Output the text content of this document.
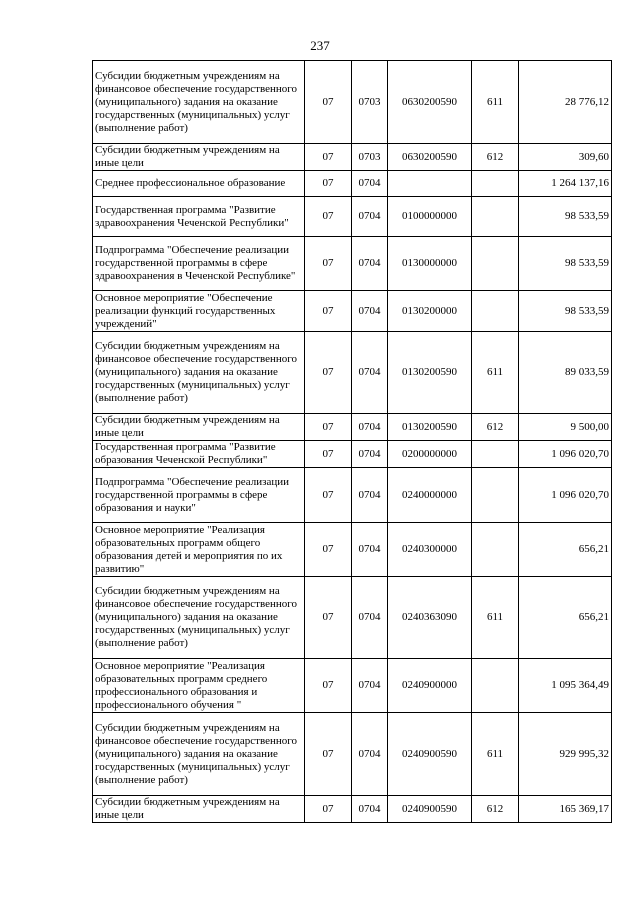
237
Субсидии бюджетным учреждениям на финансовое обеспечение государственного (муниципального) задания на оказание государственных (муниципальных) услуг (выполнение работ)	07	0703	0630200590	611	28 776,12
Субсидии бюджетным учреждениям на иные цели	07	0703	0630200590	612	309,60
Среднее профессиональное образование	07	0704			1 264 137,16
Государственная программа "Развитие здравоохранения Чеченской Республики"	07	0704	0100000000		98 533,59
Подпрограмма "Обеспечение реализации государственной программы в сфере здравоохранения в Чеченской Республике"	07	0704	0130000000		98 533,59
Основное мероприятие "Обеспечение реализации функций государственных учреждений"	07	0704	0130200000		98 533,59
Субсидии бюджетным учреждениям на финансовое обеспечение государственного (муниципального) задания на оказание государственных (муниципальных) услуг (выполнение работ)	07	0704	0130200590	611	89 033,59
Субсидии бюджетным учреждениям на иные цели	07	0704	0130200590	612	9 500,00
Государственная программа "Развитие образования Чеченской Республики"	07	0704	0200000000		1 096 020,70
Подпрограмма "Обеспечение реализации государственной программы в сфере образования и науки"	07	0704	0240000000		1 096 020,70
Основное мероприятие "Реализация образовательных программ общего образования детей и мероприятия по их развитию"	07	0704	0240300000		656,21
Субсидии бюджетным учреждениям на финансовое обеспечение государственного (муниципального) задания на оказание государственных (муниципальных) услуг (выполнение работ)	07	0704	0240363090	611	656,21
Основное мероприятие "Реализация образовательных программ среднего профессионального образования и профессионального обучения "	07	0704	0240900000		1 095 364,49
Субсидии бюджетным учреждениям на финансовое обеспечение государственного (муниципального) задания на оказание государственных (муниципальных) услуг (выполнение работ)	07	0704	0240900590	611	929 995,32
Субсидии бюджетным учреждениям на иные цели	07	0704	0240900590	612	165 369,17
